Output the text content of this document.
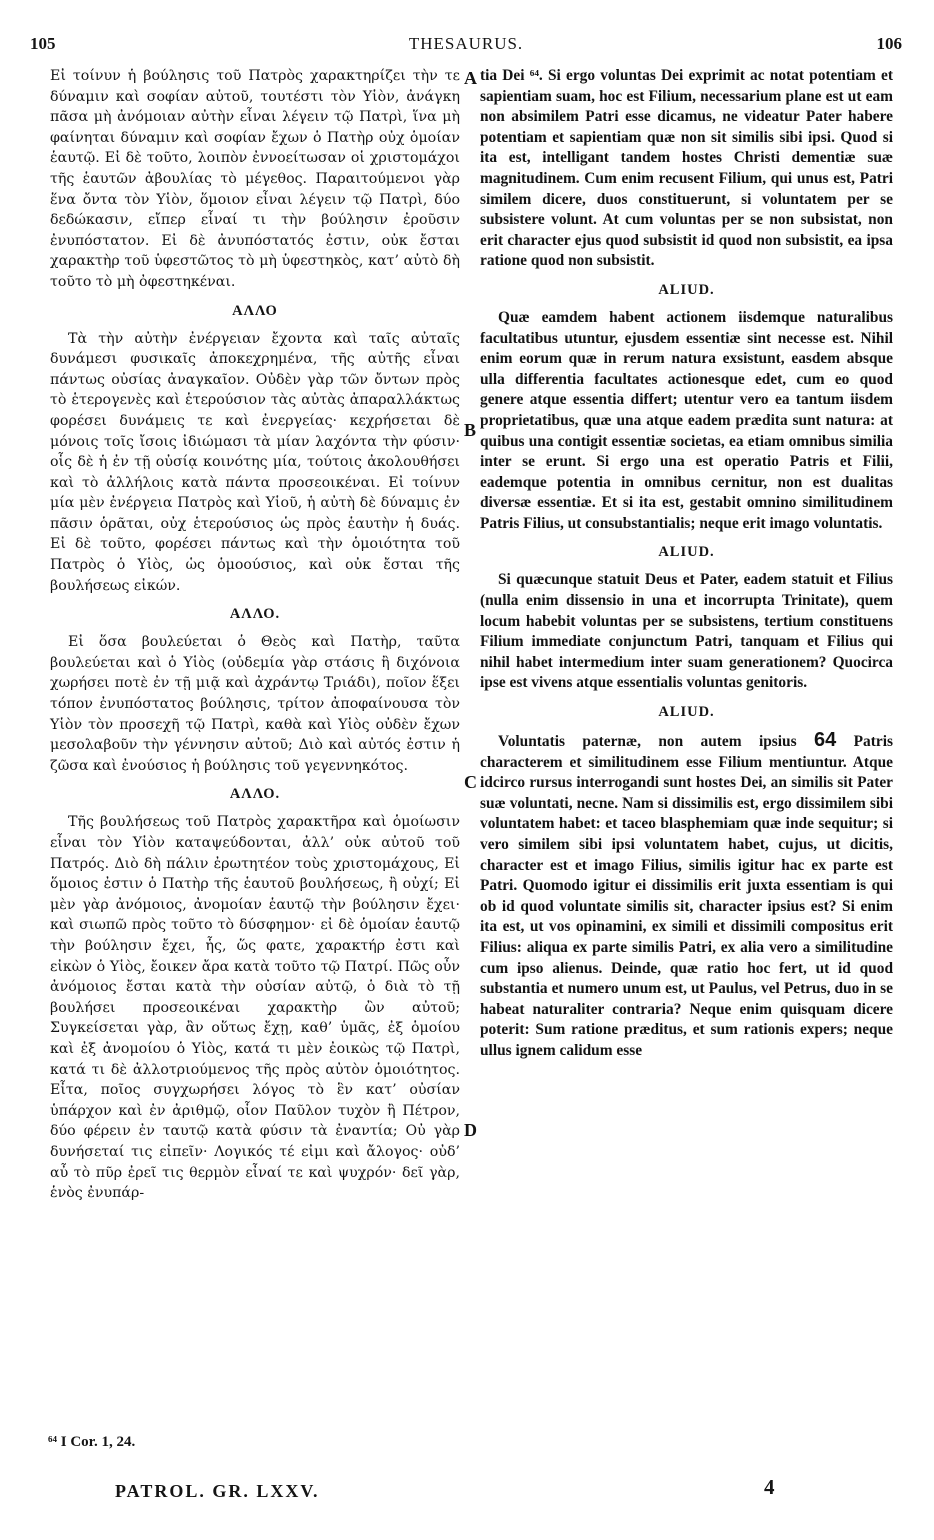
105	THESAURUS.	106

Εἰ τοίνυν ἡ βούλησις τοῦ Πατρὸς χαρακτηρίζει τὴν τε δύναμιν καὶ σοφίαν αὐτοῦ, τουτέστι τὸν Υἱὸν, ἀνάγκη πᾶσα μὴ ἀνόμοιαν αὐτὴν εἶναι λέγειν τῷ Πατρὶ, ἵνα μὴ φαίνηται δύναμιν καὶ σοφίαν ἔχων ὁ Πατὴρ οὐχ ὁμοίαν ἑαυτῷ. Εἰ δὲ τοῦτο, λοιπὸν ἐννοείτωσαν οἱ χριστομάχοι τῆς ἑαυτῶν ἀβουλίας τὸ μέγεθος. Παραιτούμενοι γὰρ ἕνα ὄντα τὸν Υἱὸν, ὅμοιον εἶναι λέγειν τῷ Πατρὶ, δύο δεδώκασιν, εἴπερ εἶναί τι τὴν βούλησιν ἐροῦσιν ἐνυπόστατον. Εἰ δὲ ἀνυπόστατός ἐστιν, οὐκ ἔσται χαρακτὴρ τοῦ ὑφεστῶτος τὸ μὴ ὑφεστηκὸς, κατ’ αὐτὸ δὴ τοῦτο τὸ μὴ ὀφεστηκέναι.

ΑΛΛΟ

Τὰ τὴν αὐτὴν ἐνέργειαν ἔχοντα καὶ ταῖς αὐταῖς δυνάμεσι φυσικαῖς ἀποκεχρημένα, τῆς αὐτῆς εἶναι πάντως οὐσίας ἀναγκαῖον. Οὐδὲν γὰρ τῶν ὄντων πρὸς τὸ ἑτερογενὲς καὶ ἑτερούσιον τὰς αὐτὰς ἀπαραλλάκτως φορέσει δυνάμεις τε καὶ ἐνεργείας· κεχρήσεται δὲ μόνοις τοῖς ἴσοις ἰδιώμασι τὰ μίαν λαχόντα τὴν φύσιν· οἷς δὲ ἡ ἐν τῇ οὐσίᾳ κοινότης μία, τούτοις ἀκολουθήσει καὶ τὸ ἀλλήλοις κατὰ πάντα προσεοικέναι. Εἰ τοίνυν μία μὲν ἐνέργεια Πατρὸς καὶ Υἱοῦ, ἡ αὐτὴ δὲ δύναμις ἐν πᾶσιν ὁρᾶται, οὐχ ἑτερούσιος ὡς πρὸς ἑαυτὴν ἡ δυάς. Εἰ δὲ τοῦτο, φορέσει πάντως καὶ τὴν ὁμοιότητα τοῦ Πατρὸς ὁ Υἱὸς, ὡς ὁμοούσιος, καὶ οὐκ ἔσται τῆς βουλήσεως εἰκών.

ΑΛΛΟ.

Εἰ ὅσα βουλεύεται ὁ Θεὸς καὶ Πατὴρ, ταῦτα βουλεύεται καὶ ὁ Υἱὸς (οὐδεμία γὰρ στάσις ἢ διχόνοια χωρήσει ποτὲ ἐν τῇ μιᾷ καὶ ἀχράντῳ Τριάδι), ποῖον ἕξει τόπον ἐνυπόστατος βούλησις, τρίτον ἀποφαίνουσα τὸν Υἱὸν τὸν προσεχῆ τῷ Πατρὶ, καθὰ καὶ Υἱὸς οὐδὲν ἔχων μεσολαβοῦν τὴν γέννησιν αὐτοῦ; Διὸ καὶ αὐτός ἐστιν ἡ ζῶσα καὶ ἐνούσιος ἡ βούλησις τοῦ γεγεννηκότος.

ΑΛΛΟ.

Τῆς βουλήσεως τοῦ Πατρὸς χαρακτῆρα καὶ ὁμοίωσιν εἶναι τὸν Υἱὸν καταψεύδονται, ἀλλ’ οὐκ αὐτοῦ τοῦ Πατρός. Διὸ δὴ πάλιν ἐρωτητέον τοὺς χριστομάχους, Εἰ ὅμοιος ἐστιν ὁ Πατὴρ τῆς ἑαυτοῦ βουλήσεως, ἢ οὐχί; Εἰ μὲν γὰρ ἀνόμοιος, ἀνομοίαν ἑαυτῷ τὴν βούλησιν ἔχει· καὶ σιωπῶ πρὸς τοῦτο τὸ δύσφημον· εἰ δὲ ὁμοίαν ἑαυτῷ τὴν βούλησιν ἔχει, ἧς, ὥς φατε, χαρακτήρ ἐστι καὶ εἰκὼν ὁ Υἱὸς, ἔοικεν ἄρα κατὰ τοῦτο τῷ Πατρί. Πῶς οὖν ἀνόμοιος ἔσται κατὰ τὴν οὐσίαν αὐτῷ, ὁ διὰ τὸ τῇ βουλήσει προσεοικέναι χαρακτὴρ ὢν αὐτοῦ; Συγκείσεται γὰρ, ἂν οὕτως ἔχῃ, καθ’ ὑμᾶς, ἐξ ὁμοίου καὶ ἐξ ἀνομοίου ὁ Υἱὸς, κατά τι μὲν ἐοικὼς τῷ Πατρὶ, κατά τι δὲ ἀλλοτριούμενος τῆς πρὸς αὐτὸν ὁμοιότητος. Εἶτα, ποῖος συγχωρήσει λόγος τὸ ἓν κατ’ οὐσίαν ὑπάρχον καὶ ἐν ἀριθμῷ, οἷον Παῦλον τυχὸν ἢ Πέτρον, δύο φέρειν ἐν ταυτῷ κατὰ φύσιν τὰ ἐναντία; Οὐ γὰρ δυνήσεταί τις εἰπεῖν· Λογικός τέ εἰμι καὶ ἄλογος· οὐδ’ αὖ τὸ πῦρ ἐρεῖ τις θερμὸν εἶναί τε καὶ ψυχρόν· δεῖ γὰρ, ἑνὸς ἐνυπάρ-

tia Dei ⁶⁴. Si ergo voluntas Dei exprimit ac notat potentiam et sapientiam suam, hoc est Filium, necessarium plane est ut eam non absimilem Patri esse dicamus, ne videatur Pater habere potentiam et sapientiam quæ non sit similis sibi ipsi. Quod si ita est, intelligant tandem hostes Christi dementiæ suæ magnitudinem. Cum enim recusent Filium, qui unus est, Patri similem dicere, duos constituerunt, si voluntatem per se subsistere volunt. At cum voluntas per se non subsistat, non erit character ejus quod subsistit id quod non subsistit, ea ipsa ratione quod non subsistit.

ALIUD.

Quæ eamdem habent actionem iisdemque naturalibus facultatibus utuntur, ejusdem essentiæ sint necesse est. Nihil enim eorum quæ in rerum natura exsistunt, easdem absque ulla differentia facultates actionesque edet, cum eo quod genere atque essentia differt; utentur vero ea tantum iisdem proprietatibus, quæ una atque eadem prædita sunt natura: at quibus una contigit essentiæ societas, ea etiam omnibus similia inter se erunt. Si ergo una est operatio Patris et Filii, eademque potentia in omnibus cernitur, non est dualitas diversæ essentiæ. Et si ita est, gestabit omnino similitudinem Patris Filius, ut consubstantialis; neque erit imago voluntatis.

ALIUD.

Si quæcunque statuit Deus et Pater, eadem statuit et Filius (nulla enim dissensio in una et incorrupta Trinitate), quem locum habebit voluntas per se subsistens, tertium constituens Filium immediate conjunctum Patri, tanquam et Filius qui nihil habet intermedium inter suam generationem? Quocirca ipse est vivens atque essentialis voluntas genitoris.

ALIUD.

Voluntatis paternæ, non autem ipsius 64 Patris characterem et similitudinem esse Filium mentiuntur. Atque idcirco rursus interrogandi sunt hostes Dei, an similis sit Pater suæ voluntati, necne. Nam si dissimilis est, ergo dissimilem sibi voluntatem habet: et taceo blasphemiam quæ inde sequitur; si vero similem sibi ipsi voluntatem habet, cujus, ut dicitis, character est et imago Filius, similis igitur hac ex parte est Patri. Quomodo igitur ei dissimilis erit juxta essentiam is qui ob id quod voluntate similis sit, character ipsius est? Si enim ita est, ut vos opinamini, ex simili et dissimili compositus erit Filius: aliqua ex parte similis Patri, ex alia vero a similitudine cum ipso alienus. Deinde, quæ ratio hoc fert, ut id quod substantia et numero unum est, ut Paulus, vel Petrus, duo in se habeat naturaliter contraria? Neque enim quisquam dicere poterit: Sum ratione præditus, et sum rationis expers; neque ullus ignem calidum esse

A
B
C
D
⁶⁴ I Cor. 1, 24.
PATROL. GR. LXXV.	4
